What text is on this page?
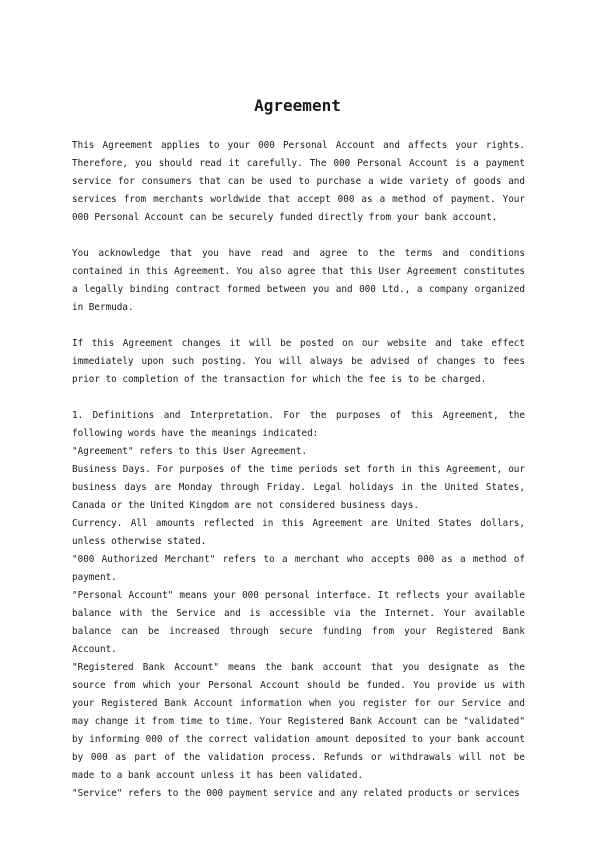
Agreement

This Agreement applies to your 000 Personal Account and affects your rights. Therefore, you should read it carefully. The 000 Personal Account is a payment service for consumers that can be used to purchase a wide variety of goods and services from merchants worldwide that accept 000 as a method of payment. Your 000 Personal Account can be securely funded directly from your bank account.

You acknowledge that you have read and agree to the terms and conditions contained in this Agreement. You also agree that this User Agreement constitutes a legally binding contract formed between you and 000 Ltd., a company organized in Bermuda.

If this Agreement changes it will be posted on our website and take effect immediately upon such posting. You will always be advised of changes to fees prior to completion of the transaction for which the fee is to be charged.

1. Definitions and Interpretation. For the purposes of this Agreement, the following words have the meanings indicated:
"Agreement" refers to this User Agreement.
Business Days. For purposes of the time periods set forth in this Agreement, our business days are Monday through Friday. Legal holidays in the United States, Canada or the United Kingdom are not considered business days.
Currency. All amounts reflected in this Agreement are United States dollars, unless otherwise stated.
"000 Authorized Merchant" refers to a merchant who accepts 000 as a method of payment.
"Personal Account" means your 000 personal interface. It reflects your available balance with the Service and is accessible via the Internet. Your available balance can be increased through secure funding from your Registered Bank Account.
"Registered Bank Account" means the bank account that you designate as the source from which your Personal Account should be funded. You provide us with your Registered Bank Account information when you register for our Service and may change it from time to time. Your Registered Bank Account can be "validated" by informing 000 of the correct validation amount deposited to your bank account by 000 as part of the validation process. Refunds or withdrawals will not be made to a bank account unless it has been validated.
"Service" refers to the 000 payment service and any related products or services
